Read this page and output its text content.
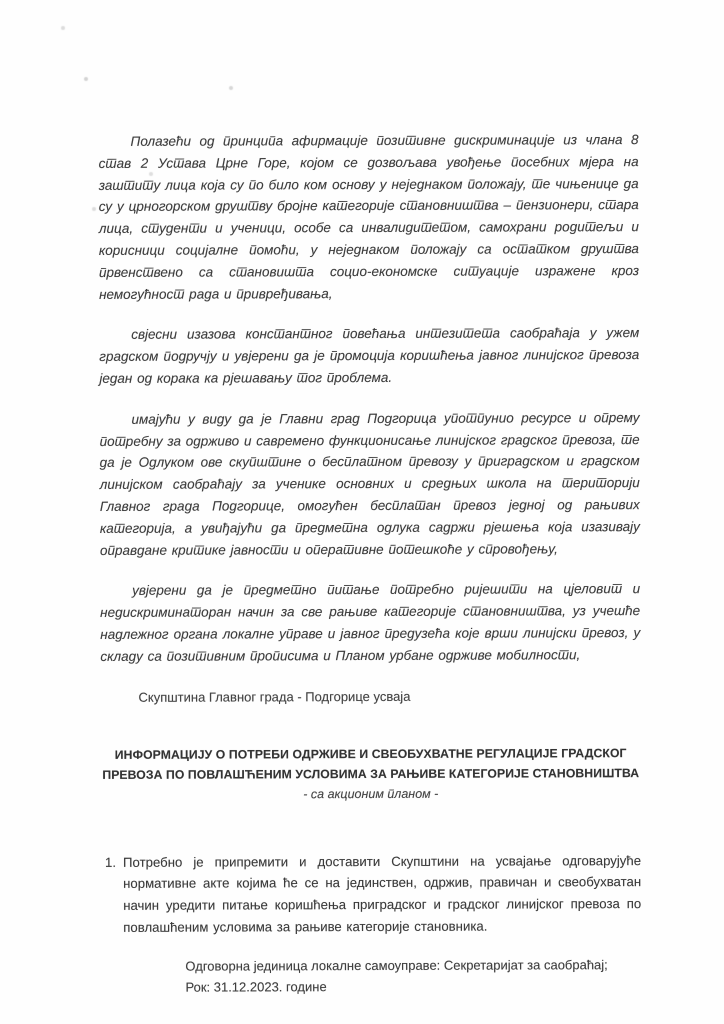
Полазећи од принципа афирмације позитивне дискриминације из члана 8 став 2 Устава Црне Горе, којом се дозвољава увођење посебних мјера на заштиту лица која су по било ком основу у неједнаком положају, те чињенице да су у црногорском друштву бројне категорије становништва – пензионери, стара лица, студенти и ученици, особе са инвалидитетом, самохрани родитељи и корисници социјалне помоћи, у неједнаком положају са остатком друштва првенствено са становишта социо-економске ситуације изражене кроз немогућност рада и привређивања,

свјесни изазова константног повећања интезитета саобраћаја у ужем градском подручју и увјерени да је промоција коришћења јавног линијског превоза један од корака ка рјешавању тог проблема.

имајући у виду да је Главни град Подгорица употпунио ресурсе и опрему потребну за одрживо и савремено функционисање линијског градског превоза, те да је Одлуком ове скупштине о бесплатном превозу у приградском и градском линијском саобраћају за ученике основних и средњих школа на територији Главног града Подгорице, омогућен бесплатан превоз једној од рањивих категорија, а увиђајући да предметна одлука садржи рјешења која изазивају оправдане критике јавности и оперативне потешкоће у спровођењу,

увјерени да је предметно питање потребно ријешити на цјеловит и недискриминаторан начин за све рањиве категорије становништва, уз учешће надлежног органа локалне управе и јавног предузећа које врши линијски превоз, у складу са позитивним прописима и Планом урбане одрживе мобилности,

Скупштина Главног града - Подгорице усваја
ИНФОРМАЦИЈУ О ПОТРЕБИ ОДРЖИВЕ И СВЕОБУХВАТНЕ РЕГУЛАЦИЈЕ ГРАДСКОГ ПРЕВОЗА ПО ПОВЛАШЋЕНИМ УСЛОВИМА ЗА РАЊИВЕ КАТЕГОРИЈЕ СТАНОВНИШТВА
- са акционим планом -
1. Потребно је припремити и доставити Скупштини на усвајање одговарујуће нормативне акте којима ће се на јединствен, одржив, правичан и свеобухватан начин уредити питање коришћења приградског и градског линијског превоза по повлашћеним условима за рањиве категорије становника.
Одговорна јединица локалне самоуправе: Секретаријат за саобраћај;
Рок: 31.12.2023. године
